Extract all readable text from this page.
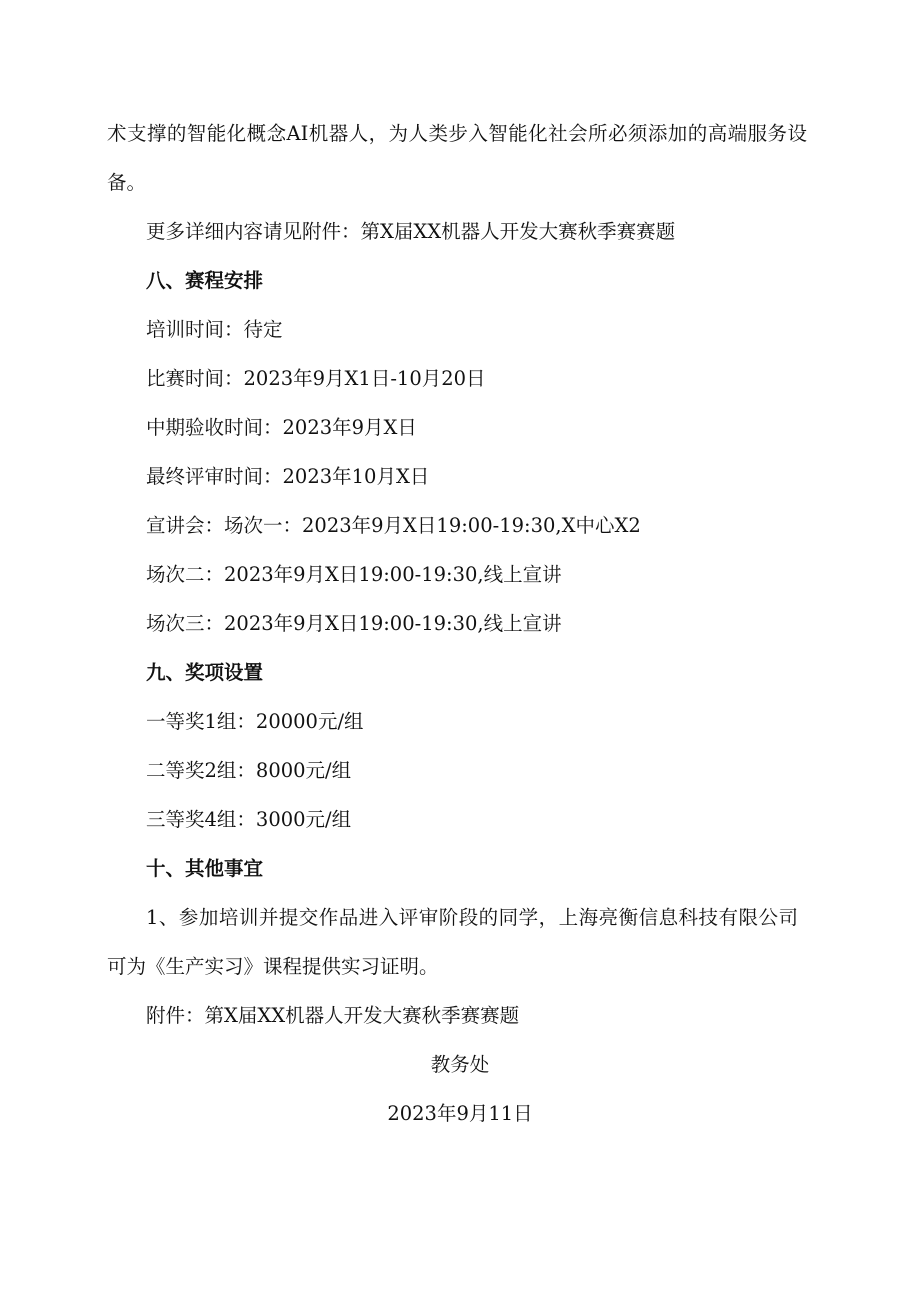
术支撑的智能化概念AI机器人，为人类步入智能化社会所必须添加的高端服务设
备。
更多详细内容请见附件：第X届XX机器人开发大赛秋季赛赛题
八、赛程安排
培训时间：待定
比赛时间：2023年9月X1日-10月20日
中期验收时间：2023年9月X日
最终评审时间：2023年10月X日
宣讲会：场次一：2023年9月X日19:00-19:30,X中心X2
场次二：2023年9月X日19:00-19:30,线上宣讲
场次三：2023年9月X日19:00-19:30,线上宣讲
九、奖项设置
一等奖1组：20000元/组
二等奖2组：8000元/组
三等奖4组：3000元/组
十、其他事宜
1、参加培训并提交作品进入评审阶段的同学，上海亮衡信息科技有限公司
可为《生产实习》课程提供实习证明。
附件：第X届XX机器人开发大赛秋季赛赛题
教务处
2023年9月11日
